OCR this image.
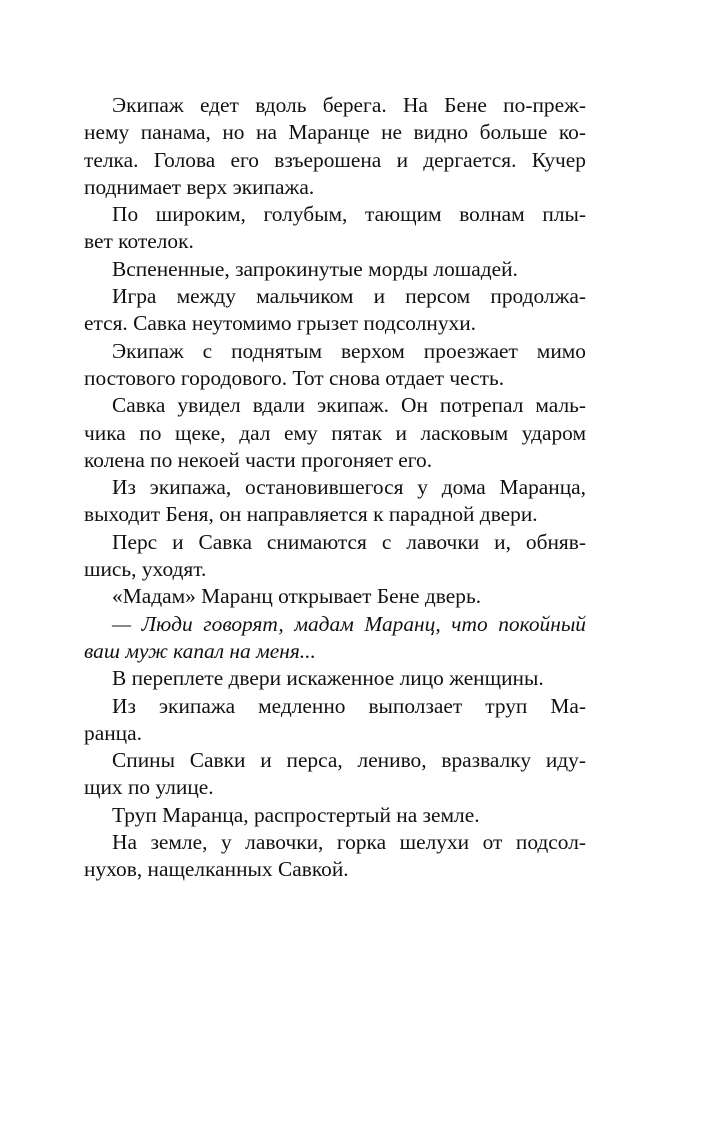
Экипаж едет вдоль берега. На Бене по-преж-
нему панама, но на Маранце не видно больше ко-
телка. Голова его взъерошена и дергается. Кучер
поднимает верх экипажа.

По широким, голубым, тающим волнам плы-
вет котелок.

Вспененные, запрокинутые морды лошадей.

Игра между мальчиком и персом продолжа-
ется. Савка неутомимо грызет подсолнухи.

Экипаж с поднятым верхом проезжает мимо
постового городового. Тот снова отдает честь.

Савка увидел вдали экипаж. Он потрепал маль-
чика по щеке, дал ему пятак и ласковым ударом
колена по некоей части прогоняет его.

Из экипажа, остановившегося у дома Маранца,
выходит Беня, он направляется к парадной двери.

Перс и Савка снимаются с лавочки и, обняв-
шись, уходят.

«Мадам» Маранц открывает Бене дверь.

— Люди говорят, мадам Маранц, что покойный
ваш муж капал на меня...

В переплете двери искаженное лицо женщины.

Из экипажа медленно выползает труп Ма-
ранца.

Спины Савки и перса, лениво, вразвалку иду-
щих по улице.

Труп Маранца, распростертый на земле.

На земле, у лавочки, горка шелухи от подсол-
нухов, нащелканных Савкой.
